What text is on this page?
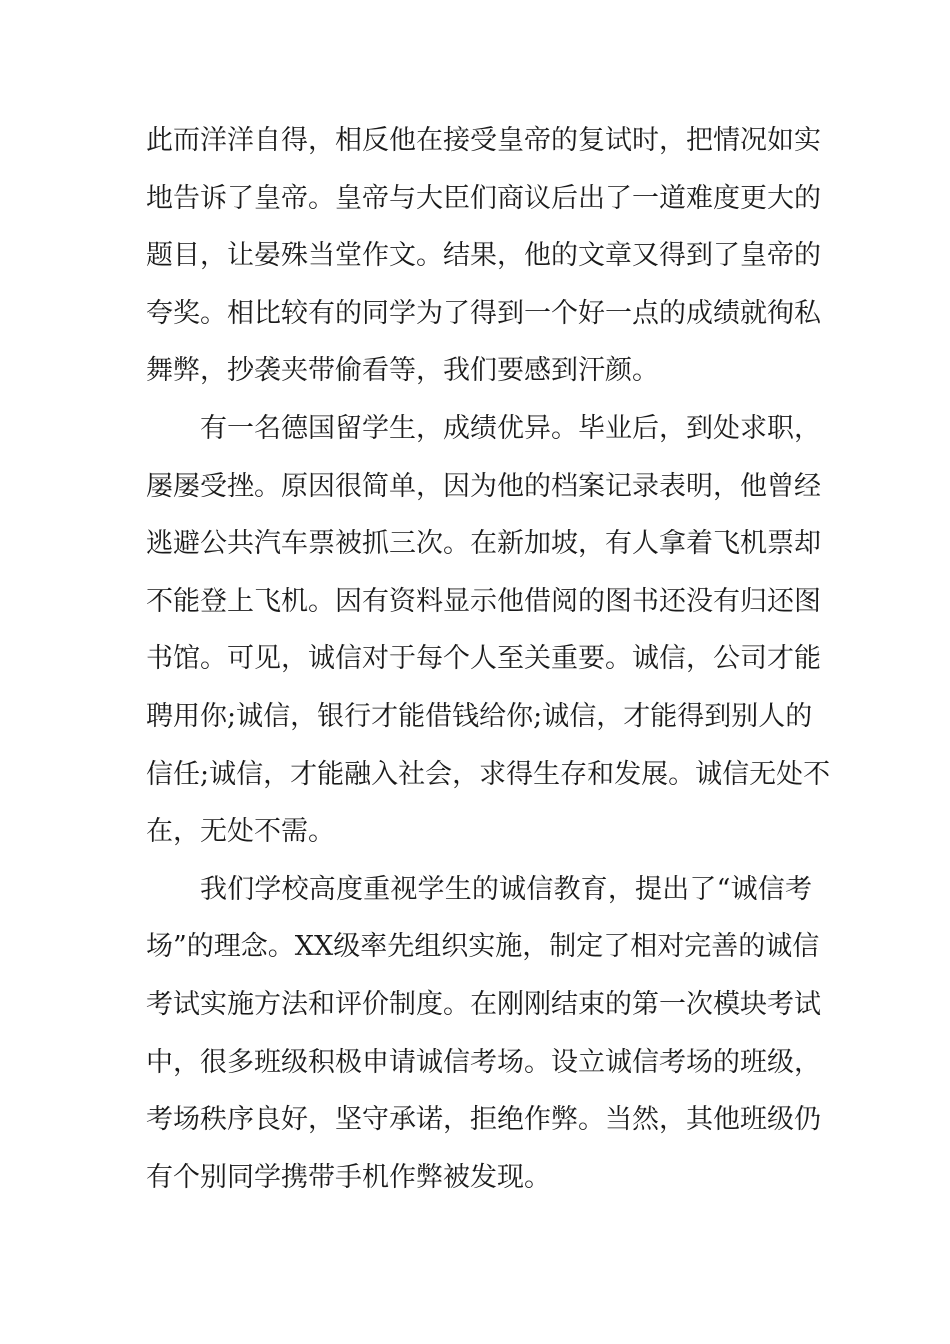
此而洋洋自得，相反他在接受皇帝的复试时，把情况如实
地告诉了皇帝。皇帝与大臣们商议后出了一道难度更大的
题目，让晏殊当堂作文。结果，他的文章又得到了皇帝的
夸奖。相比较有的同学为了得到一个好一点的成绩就徇私
舞弊，抄袭夹带偷看等，我们要感到汗颜。
有一名德国留学生，成绩优异。毕业后，到处求职，
屡屡受挫。原因很简单，因为他的档案记录表明，他曾经
逃避公共汽车票被抓三次。在新加坡，有人拿着飞机票却
不能登上飞机。因有资料显示他借阅的图书还没有归还图
书馆。可见，诚信对于每个人至关重要。诚信，公司才能
聘用你;诚信，银行才能借钱给你;诚信，才能得到别人的
信任;诚信，才能融入社会，求得生存和发展。诚信无处不
在，无处不需。
我们学校高度重视学生的诚信教育，提出了“诚信考
场”的理念。XX级率先组织实施，制定了相对完善的诚信
考试实施方法和评价制度。在刚刚结束的第一次模块考试
中，很多班级积极申请诚信考场。设立诚信考场的班级，
考场秩序良好，坚守承诺，拒绝作弊。当然，其他班级仍
有个别同学携带手机作弊被发现。
